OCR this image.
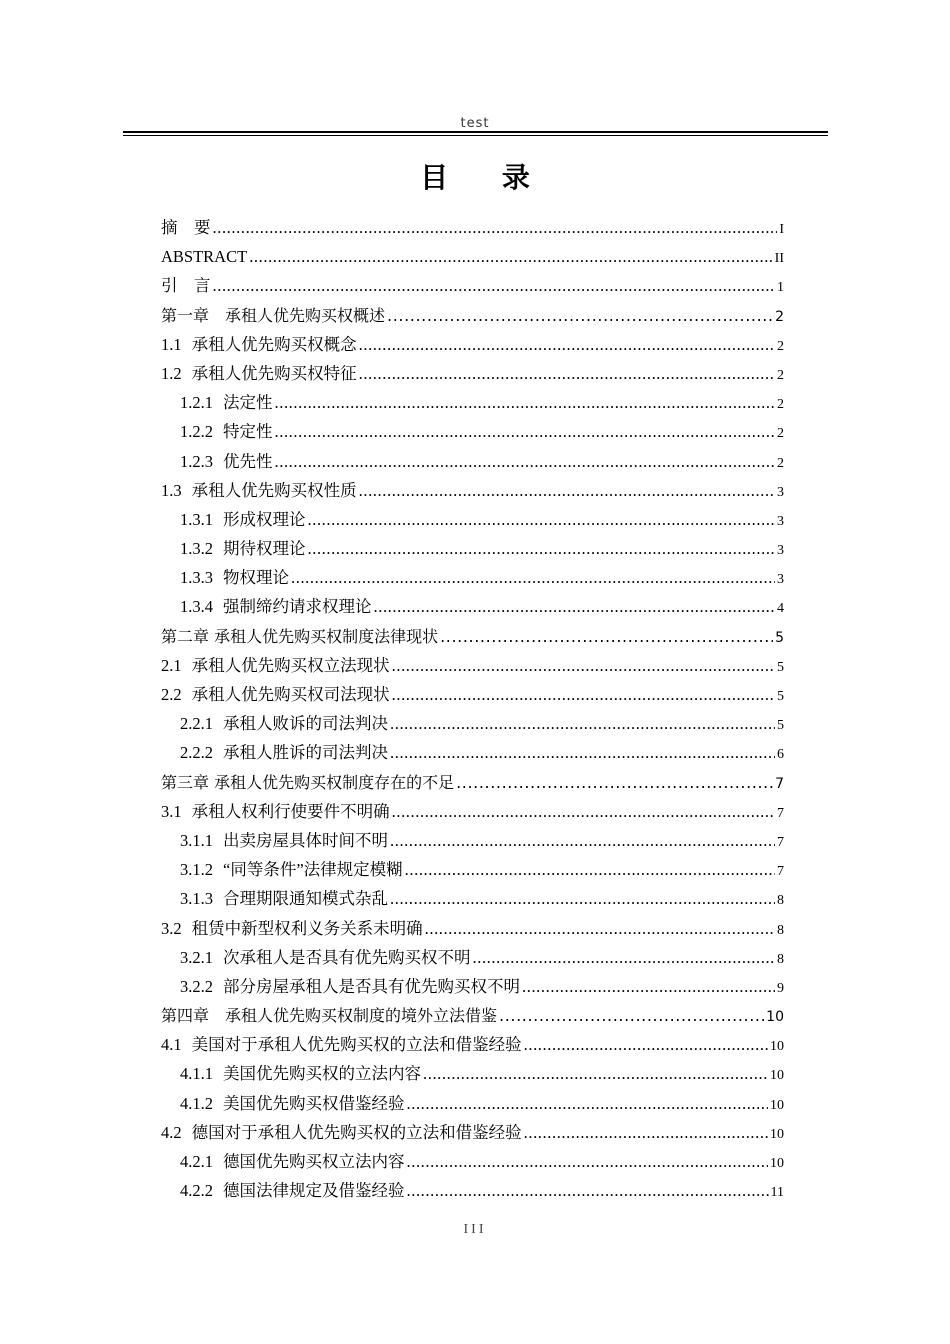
test
目 录
摘　要 .....	I
ABSTRACT .....	II
引　言 .....	1
第一章　承租人优先购买权概述 .....	2
1.1 承租人优先购买权概念 .....	2
1.2 承租人优先购买权特征 .....	2
1.2.1 法定性 .....	2
1.2.2 特定性 .....	2
1.2.3 优先性 .....	2
1.3 承租人优先购买权性质 .....	3
1.3.1 形成权理论 .....	3
1.3.2 期待权理论 .....	3
1.3.3 物权理论 .....	3
1.3.4 强制缔约请求权理论 .....	4
第二章 承租人优先购买权制度法律现状 .....	5
2.1 承租人优先购买权立法现状 .....	5
2.2 承租人优先购买权司法现状 .....	5
2.2.1 承租人败诉的司法判决 .....	5
2.2.2 承租人胜诉的司法判决 .....	6
第三章 承租人优先购买权制度存在的不足 .....	7
3.1 承租人权利行使要件不明确 .....	7
3.1.1 出卖房屋具体时间不明 .....	7
3.1.2 “同等条件”法律规定模糊 .....	7
3.1.3 合理期限通知模式杂乱 .....	8
3.2 租赁中新型权利义务关系未明确 .....	8
3.2.1 次承租人是否具有优先购买权不明 .....	8
3.2.2 部分房屋承租人是否具有优先购买权不明 .....	9
第四章　承租人优先购买权制度的境外立法借鉴 .....	10
4.1 美国对于承租人优先购买权的立法和借鉴经验 .....	10
4.1.1 美国优先购买权的立法内容 .....	10
4.1.2 美国优先购买权借鉴经验 .....	10
4.2 德国对于承租人优先购买权的立法和借鉴经验 .....	10
4.2.1 德国优先购买权立法内容 .....	10
4.2.2 德国法律规定及借鉴经验 .....	11
III
